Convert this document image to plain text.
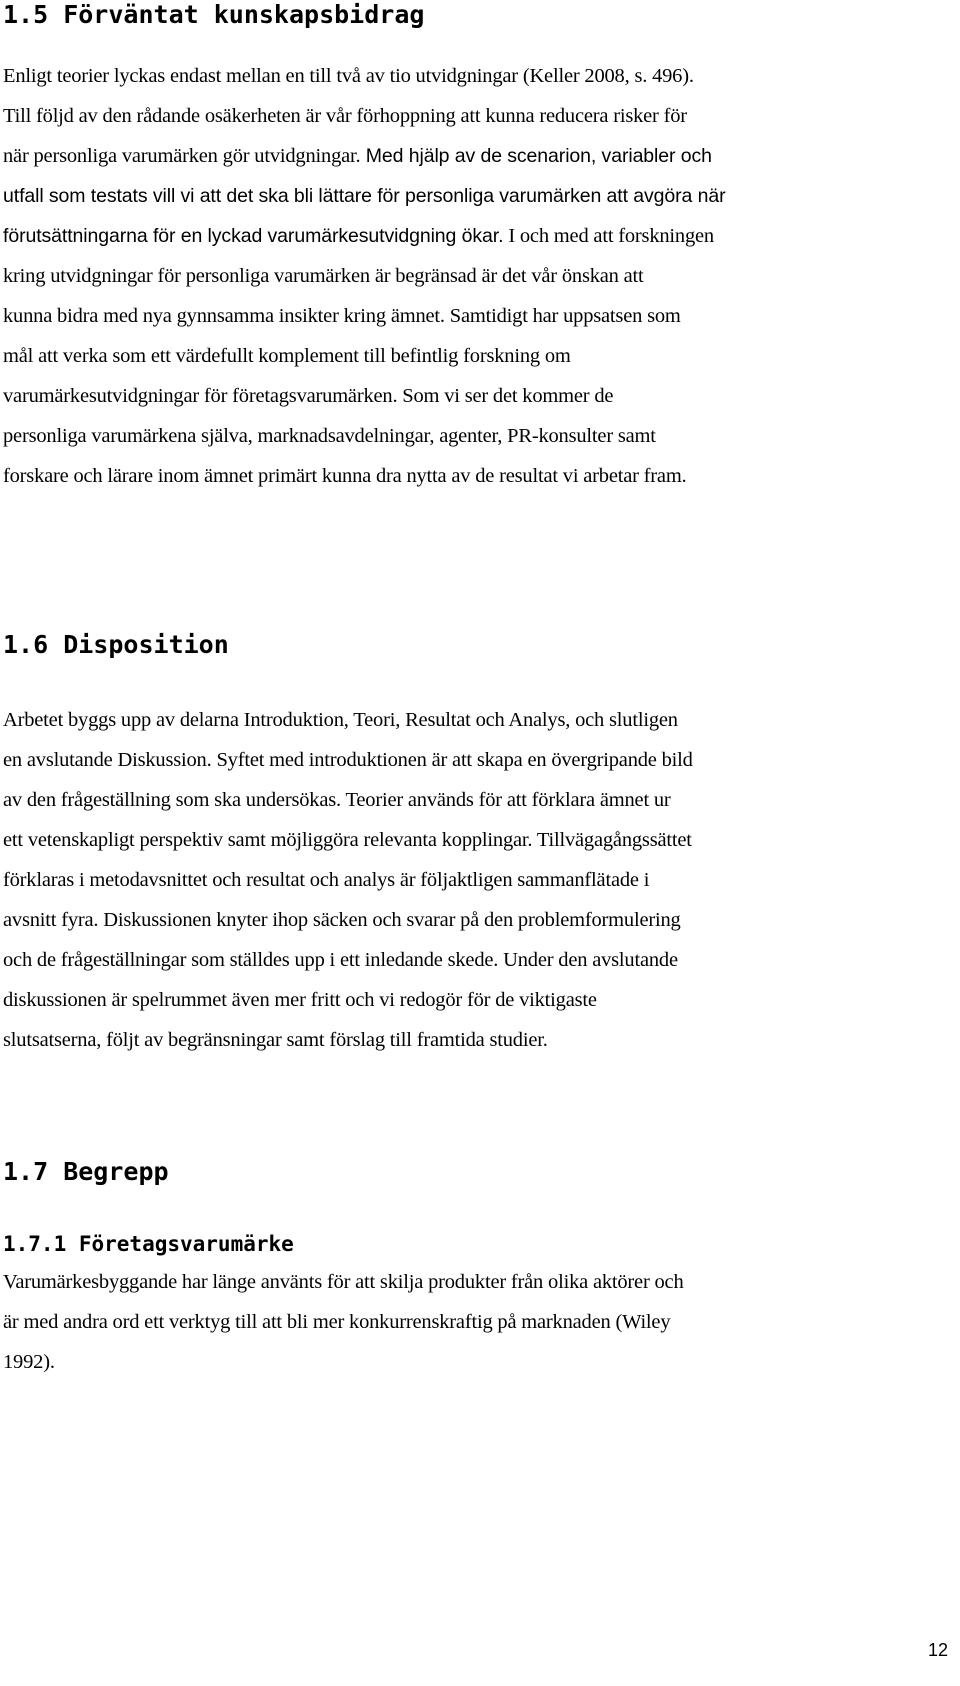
1.5 Förväntat kunskapsbidrag
Enligt teorier lyckas endast mellan en till två av tio utvidgningar (Keller 2008, s. 496).
Till följd av den rådande osäkerheten är vår förhoppning att kunna reducera risker för
när personliga varumärken gör utvidgningar. Med hjälp av de scenarion, variabler och
utfall som testats vill vi att det ska bli lättare för personliga varumärken att avgöra när
förutsättningarna för en lyckad varumärkesutvidgning ökar. I och med att forskningen
kring utvidgningar för personliga varumärken är begränsad är det vår önskan att
kunna bidra med nya gynnsamma insikter kring ämnet. Samtidigt har uppsatsen som
mål att verka som ett värdefullt komplement till befintlig forskning om
varumärkesutvidgningar för företagsvarumärken. Som vi ser det kommer de
personliga varumärkena själva, marknadsavdelningar, agenter, PR-konsulter samt
forskare och lärare inom ämnet primärt kunna dra nytta av de resultat vi arbetar fram.
1.6 Disposition
Arbetet byggs upp av delarna Introduktion, Teori, Resultat och Analys, och slutligen
en avslutande Diskussion. Syftet med introduktionen är att skapa en övergripande bild
av den frågeställning som ska undersökas. Teorier används för att förklara ämnet ur
ett vetenskapligt perspektiv samt möjliggöra relevanta kopplingar. Tillvägagångssättet
förklaras i metodavsnittet och resultat och analys är följaktligen sammanflätade i
avsnitt fyra. Diskussionen knyter ihop säcken och svarar på den problemformulering
och de frågeställningar som ställdes upp i ett inledande skede. Under den avslutande
diskussionen är spelrummet även mer fritt och vi redogör för de viktigaste
slutsatserna, följt av begränsningar samt förslag till framtida studier.
1.7 Begrepp
1.7.1 Företagsvarumärke
Varumärkesbyggande har länge använts för att skilja produkter från olika aktörer och
är med andra ord ett verktyg till att bli mer konkurrenskraftig på marknaden (Wiley
1992).
12
